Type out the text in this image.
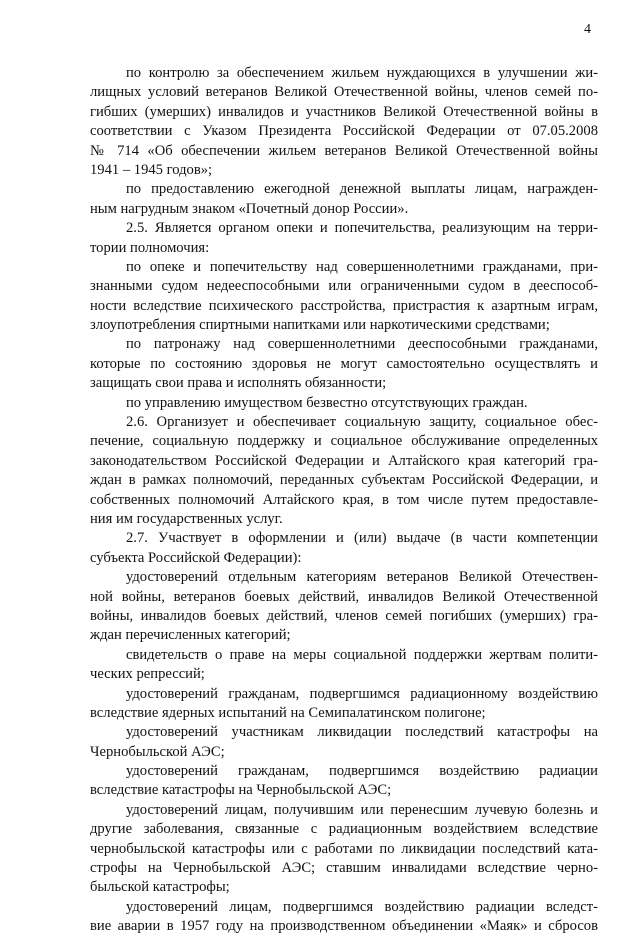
4
по контролю за обеспечением жильем нуждающихся в улучшении жи-
лищных условий ветеранов Великой Отечественной войны, членов семей по-
гибших (умерших) инвалидов и участников Великой Отечественной войны в
соответствии с Указом Президента Российской Федерации от 07.05.2008
№ 714 «Об обеспечении жильем ветеранов Великой Отечественной войны
1941 – 1945 годов»;
по предоставлению ежегодной денежной выплаты лицам, награжден-
ным нагрудным знаком «Почетный донор России».
2.5. Является органом опеки и попечительства, реализующим на терри-
тории полномочия:
по опеке и попечительству над совершеннолетними гражданами, при-
знанными судом недееспособными или ограниченными судом в дееспособ-
ности вследствие психического расстройства, пристрастия к азартным играм,
злоупотребления спиртными напитками или наркотическими средствами;
по патронажу над совершеннолетними дееспособными гражданами,
которые по состоянию здоровья не могут самостоятельно осуществлять и
защищать свои права и исполнять обязанности;
по управлению имуществом безвестно отсутствующих граждан.
2.6. Организует и обеспечивает социальную защиту, социальное обес-
печение, социальную поддержку и социальное обслуживание определенных
законодательством Российской Федерации и Алтайского края категорий гра-
ждан в рамках полномочий, переданных субъектам Российской Федерации, и
собственных полномочий Алтайского края, в том числе путем предоставле-
ния им государственных услуг.
2.7. Участвует в оформлении и (или) выдаче (в части компетенции
субъекта Российской Федерации):
удостоверений отдельным категориям ветеранов Великой Отечествен-
ной войны, ветеранов боевых действий, инвалидов Великой Отечественной
войны, инвалидов боевых действий, членов семей погибших (умерших) гра-
ждан перечисленных категорий;
свидетельств о праве на меры социальной поддержки жертвам полити-
ческих репрессий;
удостоверений гражданам, подвергшимся радиационному воздействию
вследствие ядерных испытаний на Семипалатинском полигоне;
удостоверений участникам ликвидации последствий катастрофы на
Чернобыльской АЭС;
удостоверений гражданам, подвергшимся воздействию радиации
вследствие катастрофы на Чернобыльской АЭС;
удостоверений лицам, получившим или перенесшим лучевую болезнь и
другие заболевания, связанные с радиационным воздействием вследствие
чернобыльской катастрофы или с работами по ликвидации последствий ката-
строфы на Чернобыльской АЭС; ставшим инвалидами вследствие черно-
быльской катастрофы;
удостоверений лицам, подвергшимся воздействию радиации вследст-
вие аварии в 1957 году на производственном объединении «Маяк» и сбросов
